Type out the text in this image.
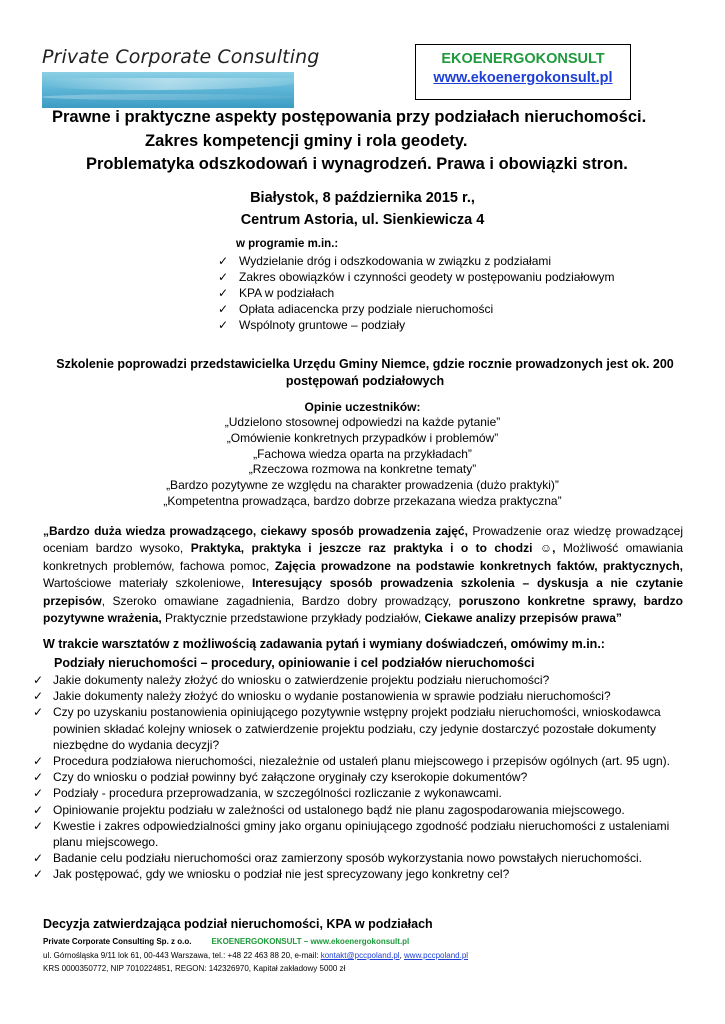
Private Corporate Consulting	EKOENERGOKONSULT
www.ekoenergokonsult.pl
Prawne i praktyczne aspekty postępowania przy podziałach nieruchomości.
Zakres kompetencji gminy i rola geodety.
Problematyka odszkodowań i wynagrodzeń. Prawa i obowiązki stron.
Białystok, 8 października 2015 r.,
Centrum Astoria, ul. Sienkiewicza 4
w programie m.in.:
✓ Wydzielanie dróg i odszkodowania w związku z podziałami
✓ Zakres obowiązków i czynności geodety w postępowaniu podziałowym
✓ KPA w podziałach
✓ Opłata adiacencka przy podziale nieruchomości
✓ Wspólnoty gruntowe – podziały
Szkolenie poprowadzi przedstawicielka Urzędu Gminy Niemce, gdzie rocznie prowadzonych jest ok. 200 postępowań podziałowych
Opinie uczestników:
„Udzielono stosownej odpowiedzi na każde pytanie”
„Omówienie konkretnych przypadków i problemów”
„Fachowa wiedza oparta na przykładach”
„Rzeczowa rozmowa na konkretne tematy”
„Bardzo pozytywne ze względu na charakter prowadzenia (dużo praktyki)”
„Kompetentna prowadząca, bardzo dobrze przekazana wiedza praktyczna”
„Bardzo duża wiedza prowadzącego, ciekawy sposób prowadzenia zajęć, Prowadzenie oraz wiedzę prowadzącej oceniam bardzo wysoko, Praktyka, praktyka i jeszcze raz praktyka i o to chodzi ☺, Możliwość omawiania konkretnych problemów, fachowa pomoc, Zajęcia prowadzone na podstawie konkretnych faktów, praktycznych, Wartościowe materiały szkoleniowe, Interesujący sposób prowadzenia szkolenia – dyskusja a nie czytanie przepisów, Szeroko omawiane zagadnienia, Bardzo dobry prowadzący, poruszono konkretne sprawy, bardzo pozytywne wrażenia, Praktycznie przedstawione przykłady podziałów, Ciekawe analizy przepisów prawa”
W trakcie warsztatów z możliwością zadawania pytań i wymiany doświadczeń, omówimy m.in.:
Podziały nieruchomości – procedury, opiniowanie i cel podziałów nieruchomości
✓ Jakie dokumenty należy złożyć do wniosku o zatwierdzenie projektu podziału nieruchomości?
✓ Jakie dokumenty należy złożyć do wniosku o wydanie postanowienia w sprawie podziału nieruchomości?
✓ Czy po uzyskaniu postanowienia opiniującego pozytywnie wstępny projekt podziału nieruchomości, wnioskodawca powinien składać kolejny wniosek o zatwierdzenie projektu podziału, czy jedynie dostarczyć pozostałe dokumenty niezbędne do wydania decyzji?
✓ Procedura podziałowa nieruchomości, niezależnie od ustaleń planu miejscowego i przepisów ogólnych (art. 95 ugn).
✓ Czy do wniosku o podział powinny być załączone oryginały czy kserokopie dokumentów?
✓ Podziały - procedura przeprowadzania, w szczególności rozliczanie z wykonawcami.
✓ Opiniowanie projektu podziału w zależności od ustalonego bądź nie planu zagospodarowania miejscowego.
✓ Kwestie i zakres odpowiedzialności gminy jako organu opiniującego zgodność podziału nieruchomości z ustaleniami planu miejscowego.
✓ Badanie celu podziału nieruchomości oraz zamierzony sposób wykorzystania nowo powstałych nieruchomości.
✓ Jak postępować, gdy we wniosku o podział nie jest sprecyzowany jego konkretny cel?
Decyzja zatwierdzająca podział nieruchomości, KPA w podziałach
Private Corporate Consulting Sp. z o.o.	EKOENERGOKONSULT – www.ekoenergokonsult.pl
ul. Górnośląska 9/11 lok 61, 00-443 Warszawa, tel.: +48 22 463 88 20, e-mail: kontakt@pccpoland.pl, www.pccpoland.pl
KRS 0000350772, NIP 7010224851, REGON: 142326970, Kapitał zakładowy 5000 zł
